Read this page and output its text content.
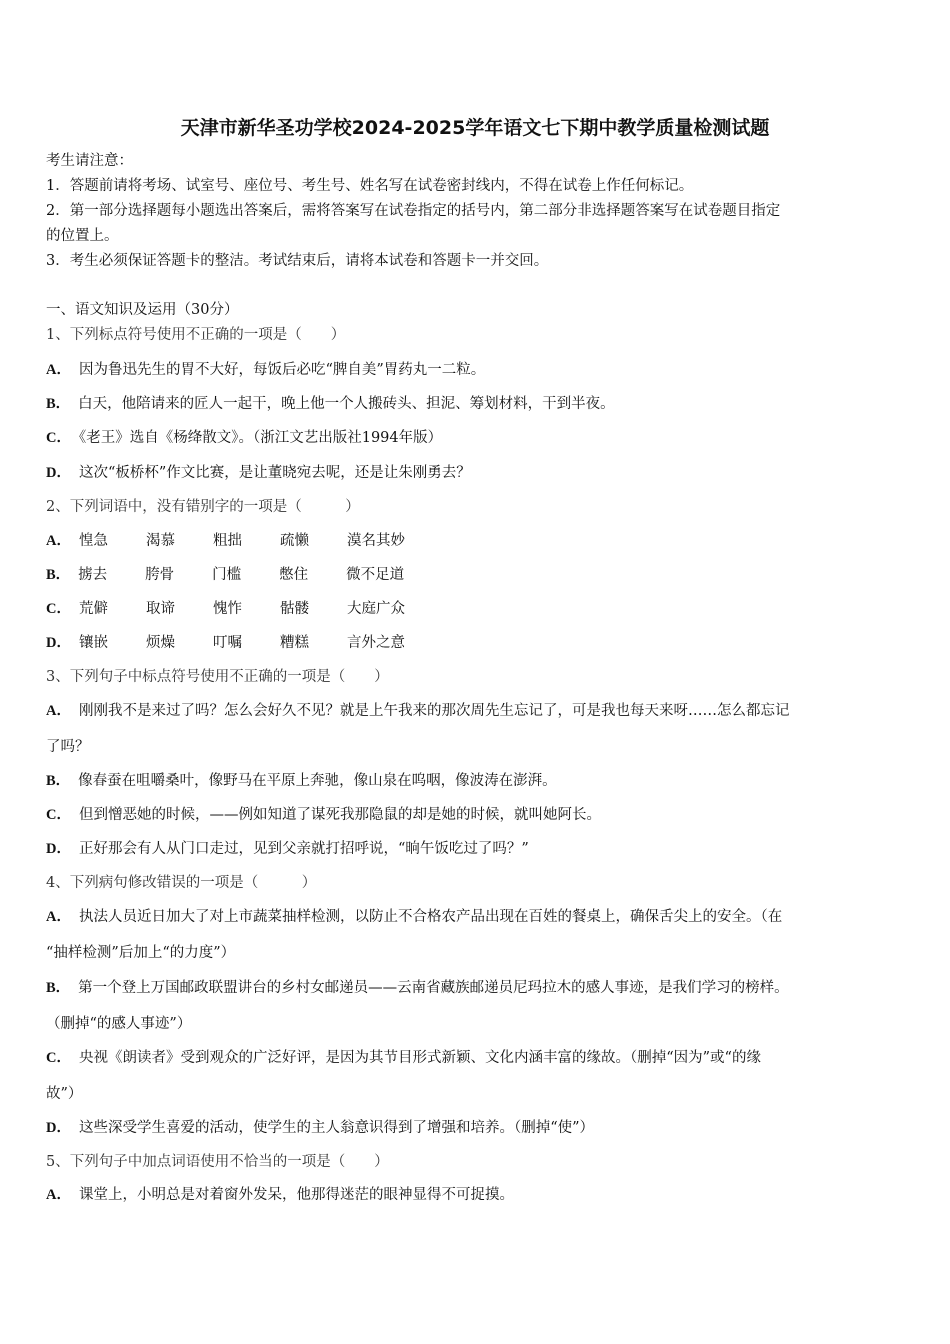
天津市新华圣功学校2024-2025学年语文七下期中教学质量检测试题
考生请注意：
1．答题前请将考场、试室号、座位号、考生号、姓名写在试卷密封线内，不得在试卷上作任何标记。
2．第一部分选择题每小题选出答案后，需将答案写在试卷指定的括号内，第二部分非选择题答案写在试卷题目指定
的位置上。
3．考生必须保证答题卡的整洁。考试结束后，请将本试卷和答题卡一并交回。
一、语文知识及运用（30分）
1、下列标点符号使用不正确的一项是（　　）
A． 因为鲁迅先生的胃不大好，每饭后必吃“脾自美”胃药丸一二粒。
B． 白天，他陪请来的匠人一起干，晚上他一个人搬砖头、担泥、筹划材料，干到半夜。
C． 《老王》选自《杨绛散文》。（浙江文艺出版社1994年版）
D． 这次“板桥杯”作文比赛，是让董晓宛去呢，还是让朱刚勇去？
2、下列词语中，没有错别字的一项是（　　　）
A． 惶急	渴慕	粗拙	疏懒	漠名其妙
B． 掳去	胯骨	门槛	憋住	微不足道
C． 荒僻	取谛	愧怍	骷髅	大庭广众
D． 镶嵌	烦燥	叮嘱	糟糕	言外之意
3、下列句子中标点符号使用不正确的一项是（　　）
A． 刚刚我不是来过了吗？怎么会好久不见？就是上午我来的那次周先生忘记了，可是我也每天来呀……怎么都忘记
了吗？
B． 像春蚕在咀嚼桑叶，像野马在平原上奔驰，像山泉在呜咽，像波涛在澎湃。
C． 但到憎恶她的时候，——例如知道了谋死我那隐鼠的却是她的时候，就叫她阿长。
D． 正好那会有人从门口走过，见到父亲就打招呼说，“晌午饭吃过了吗？”
4、下列病句修改错误的一项是（　　　）
A． 执法人员近日加大了对上市蔬菜抽样检测，以防止不合格农产品出现在百姓的餐桌上，确保舌尖上的安全。（在
“抽样检测”后加上“的力度”）
B． 第一个登上万国邮政联盟讲台的乡村女邮递员——云南省藏族邮递员尼玛拉木的感人事迹，是我们学习的榜样。
（删掉“的感人事迹”）
C． 央视《朗读者》受到观众的广泛好评，是因为其节目形式新颖、文化内涵丰富的缘故。（删掉“因为”或“的缘
故”）
D． 这些深受学生喜爱的活动，使学生的主人翁意识得到了增强和培养。（删掉“使”）
5、下列句子中加点词语使用不恰当的一项是（　　）
A． 课堂上，小明总是对着窗外发呆，他那得迷茫的眼神显得不可捉摸。
